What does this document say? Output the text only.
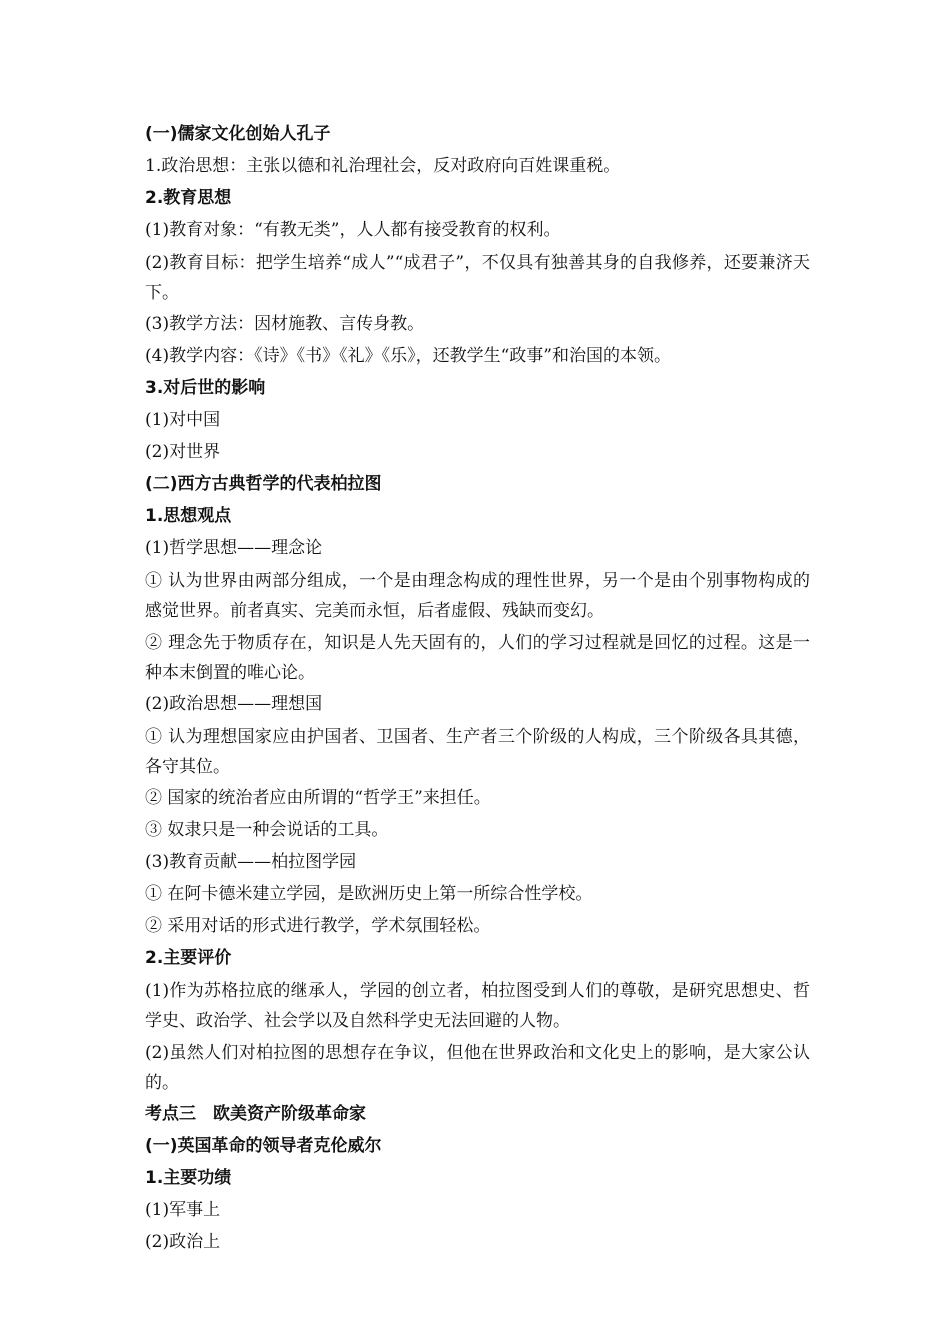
(一)儒家文化创始人孔子

1.政治思想：主张以德和礼治理社会，反对政府向百姓课重税。

2.教育思想

(1)教育对象：“有教无类”，人人都有接受教育的权利。

(2)教育目标：把学生培养“成人”“成君子”，不仅具有独善其身的自我修养，还要兼济天下。

(3)教学方法：因材施教、言传身教。

(4)教学内容：《诗》《书》《礼》《乐》，还教学生“政事”和治国的本领。

3.对后世的影响

(1)对中国

(2)对世界

(二)西方古典哲学的代表柏拉图

1.思想观点

(1)哲学思想——理念论

① 认为世界由两部分组成，一个是由理念构成的理性世界，另一个是由个别事物构成的感觉世界。前者真实、完美而永恒，后者虚假、残缺而变幻。

② 理念先于物质存在，知识是人先天固有的，人们的学习过程就是回忆的过程。这是一种本末倒置的唯心论。

(2)政治思想——理想国

① 认为理想国家应由护国者、卫国者、生产者三个阶级的人构成，三个阶级各具其德，各守其位。

② 国家的统治者应由所谓的“哲学王”来担任。

③ 奴隶只是一种会说话的工具。

(3)教育贡献——柏拉图学园

① 在阿卡德米建立学园，是欧洲历史上第一所综合性学校。

② 采用对话的形式进行教学，学术氛围轻松。

2.主要评价

(1)作为苏格拉底的继承人，学园的创立者，柏拉图受到人们的尊敬，是研究思想史、哲学史、政治学、社会学以及自然科学史无法回避的人物。

(2)虽然人们对柏拉图的思想存在争议，但他在世界政治和文化史上的影响，是大家公认的。

考点三　欧美资产阶级革命家

(一)英国革命的领导者克伦威尔

1.主要功绩

(1)军事上

(2)政治上
